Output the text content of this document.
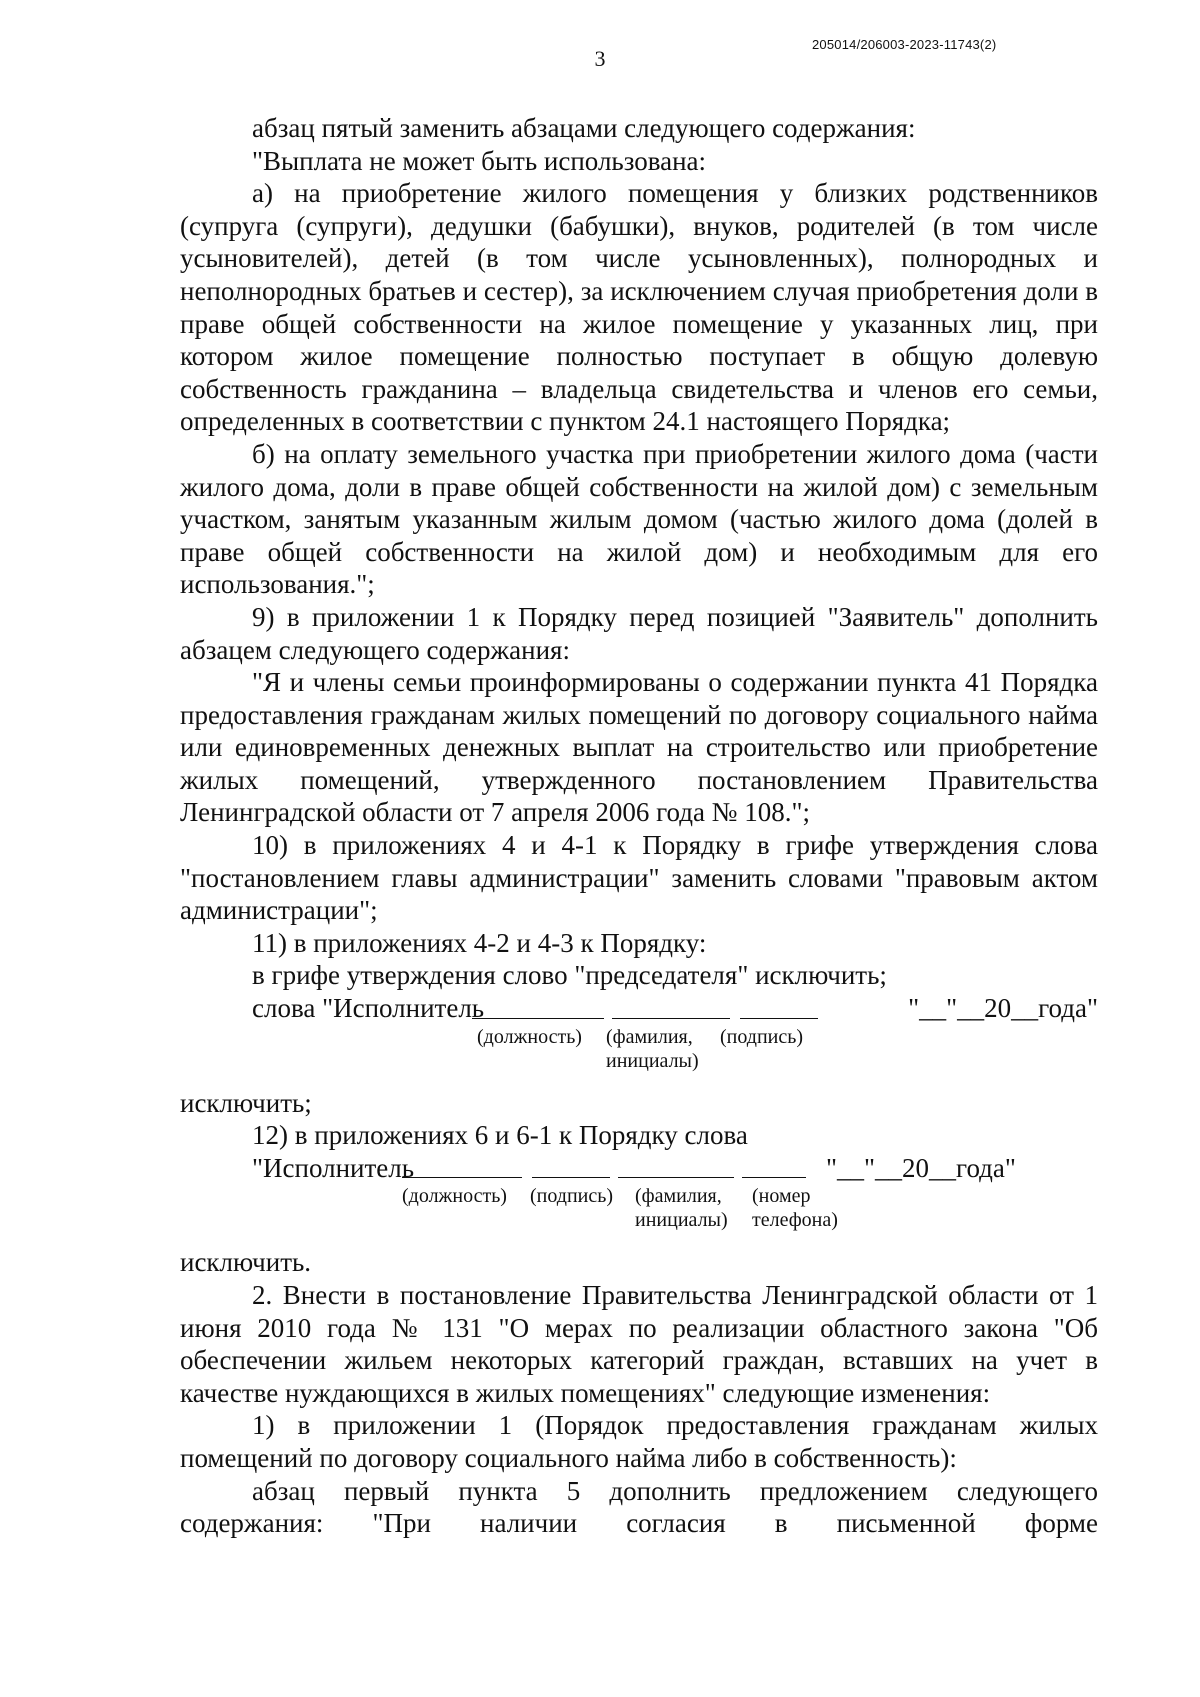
205014/206003-2023-11743(2)
3

абзац пятый заменить абзацами следующего содержания:

"Выплата не может быть использована:

а) на приобретение жилого помещения у близких родственников (супруга (супруги), дедушки (бабушки), внуков, родителей (в том числе усыновителей), детей (в том числе усыновленных), полнородных и неполнородных братьев и сестер), за исключением случая приобретения доли в праве общей собственности на жилое помещение у указанных лиц, при котором жилое помещение полностью поступает в общую долевую собственность гражданина – владельца свидетельства и членов его семьи, определенных в соответствии с пунктом 24.1 настоящего Порядка;

б) на оплату земельного участка при приобретении жилого дома (части жилого дома, доли в праве общей собственности на жилой дом) с земельным участком, занятым указанным жилым домом (частью жилого дома (долей в праве общей собственности на жилой дом) и необходимым для его использования.";

9) в приложении 1 к Порядку перед позицией "Заявитель" дополнить абзацем следующего содержания:

"Я и члены семьи проинформированы о содержании пункта 41 Порядка предоставления гражданам жилых помещений по договору социального найма или единовременных денежных выплат на строительство или приобретение жилых помещений, утвержденного постановлением Правительства Ленинградской области от 7 апреля 2006 года № 108.";

10) в приложениях 4 и 4-1 к Порядку в грифе утверждения слова "постановлением главы администрации" заменить словами "правовым актом администрации";

11) в приложениях 4-2 и 4-3 к Порядку:

в грифе утверждения слово "председателя" исключить;

слова "Исполнитель	"__"__20__года"
(должность) (фамилия,
инициалы)
(подпись)

исключить;

12) в приложениях 6 и 6-1 к Порядку слова

"Исполнитель	"__"__20__года"
(должность) (подпись) (фамилия,
инициалы)
(номер
телефона)

исключить.

2. Внести в постановление Правительства Ленинградской области от 1 июня 2010 года № 131 "О мерах по реализации областного закона "Об обеспечении жильем некоторых категорий граждан, вставших на учет в качестве нуждающихся в жилых помещениях" следующие изменения:

1) в приложении 1 (Порядок предоставления гражданам жилых помещений по договору социального найма либо в собственность):

абзац первый пункта 5 дополнить предложением следующего содержания: "При наличии согласия в письменной форме
